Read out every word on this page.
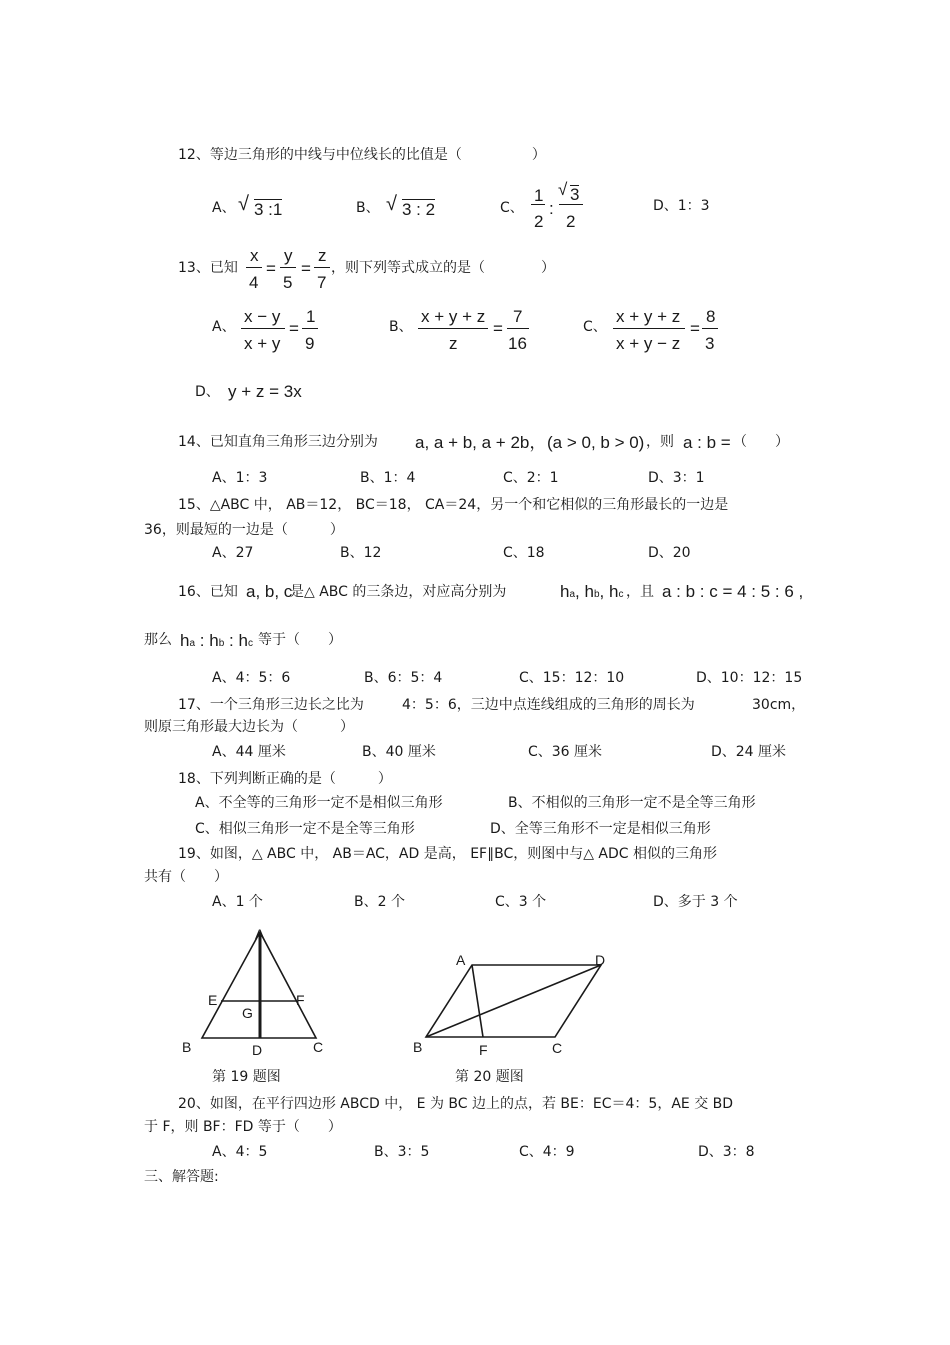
12、等边三角形的中线与中位线长的比值是（　　　　　）
A、 √ 3 :1	B、 √ 3 : 2	C、
1
2
:
√ 3
2
D、1：3
13、已知
x
4
=
y
5
=
z
7
，则下列等式成立的是（　　　　）
A、
x − y
x + y
=
1
9
B、
x + y + z
z
=
7
16
C、
x + y + z
x + y − z
=
8
3
D、 y + z = 3x
14、已知直角三角形三边分别为 a, a + b, a + 2b， (a > 0, b > 0) ，则 a : b = （　　）
A、1：3	B、1：4	C、2：1	D、3：1
15、△ABC 中， AB＝12， BC＝18， CA＝24，另一个和它相似的三角形最长的一边是
36，则最短的一边是（　　　）
A、27	B、12	C、18	D、20
16、已知 a, b, c
是△ ABC 的三条边，对应高分别为	ha, hb, hc ，且 a : b : c = 4 : 5 : 6 ,
那么 ha : hb : hc 等于（　　）
A、4：5：6	B、6：5：4	C、15：12：10	D、10：12：15
17、一个三角形三边长之比为	4：5：6，三边中点连线组成的三角形的周长为	30cm，
则原三角形最大边长为（　　　）
A、44 厘米	B、40 厘米	C、36 厘米	D、24 厘米
18、下列判断正确的是（　　　）
A、不全等的三角形一定不是相似三角形	B、不相似的三角形一定不是全等三角形
C、相似三角形一定不是全等三角形	D、全等三角形不一定是相似三角形
19、如图，△ ABC 中， AB＝AC，AD 是高， EF∥BC，则图中与△ ADC 相似的三角形
共有（　　）
A、1 个	B、2 个	C、3 个	D、多于 3 个
A
E	F
G
B	D	C
第 19 题图
A	D
B	F	C
第 20 题图
20、如图，在平行四边形 ABCD 中， E 为 BC 边上的点，若 BE：EC＝4：5，AE 交 BD
于 F，则 BF：FD 等于（　　）
A、4：5	B、3：5	C、4：9	D、3：8
三、解答题:
